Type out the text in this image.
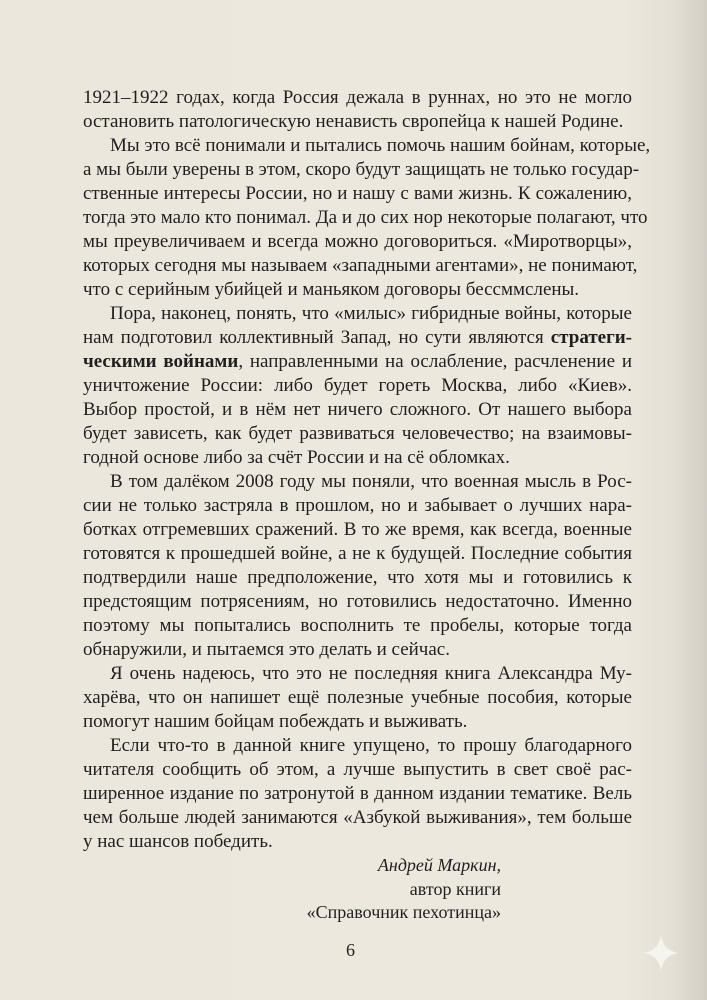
1921–1922 годах, когда Россия дежала в руннах, но это не могло
остановить патологическую ненависть свропейца к нашей Родине.
Мы это всё понимали и пытались помочь нашим бойнам, которые,
а мы были уверены в этом, скоро будут защищать не только государ-
ственные интересы России, но и нашу с вами жизнь. К сожалению,
тогда это мало кто понимал. Да и до сих нор некоторые полагают, что
мы преувеличиваем и всегда можно договориться. «Миротворцы»,
которых сегодня мы называем «западными агентами», не понимают,
что с серийным убийцей и маньяком договоры бессммслены.
Пора, наконец, понять, что «милыс» гибридные войны, которые
нам подготовил коллективный Запад, но сути являются стратеги-
ческими войнами, направленными на ослабление, расчленение и
уничтожение России: либо будет гореть Москва, либо «Киев».
Выбор простой, и в нём нет ничего сложного. От нашего выбора
будет зависеть, как будет развиваться человечество; на взаимовы-
годной основе либо за счёт России и на сё обломках.
В том далёком 2008 году мы поняли, что военная мысль в Рос-
сии не только застряла в прошлом, но и забывает о лучших нара-
ботках отгремевших сражений. В то же время, как всегда, военные
готовятся к прошедшей войне, а не к будущей. Последние события
подтвердили наше предположение, что хотя мы и готовились к
предстоящим потрясениям, но готовились недостаточно. Именно
поэтому мы попытались восполнить те пробелы, которые тогда
обнаружили, и пытаемся это делать и сейчас.
Я очень надеюсь, что это не последняя книга Александра Му-
харёва, что он напишет ещё полезные учебные пособия, которые
помогут нашим бойцам побеждать и выживать.
Если что-то в данной книге упущено, то прошу благодарного
читателя сообщить об этом, а лучше выпустить в свет своё рас-
ширенное издание по затронутой в данном издании тематике. Вель
чем больше людей занимаются «Азбукой выживания», тем больше
у нас шансов победить.
Андрей Маркин,
автор книги
«Справочник пехотинца»
6
